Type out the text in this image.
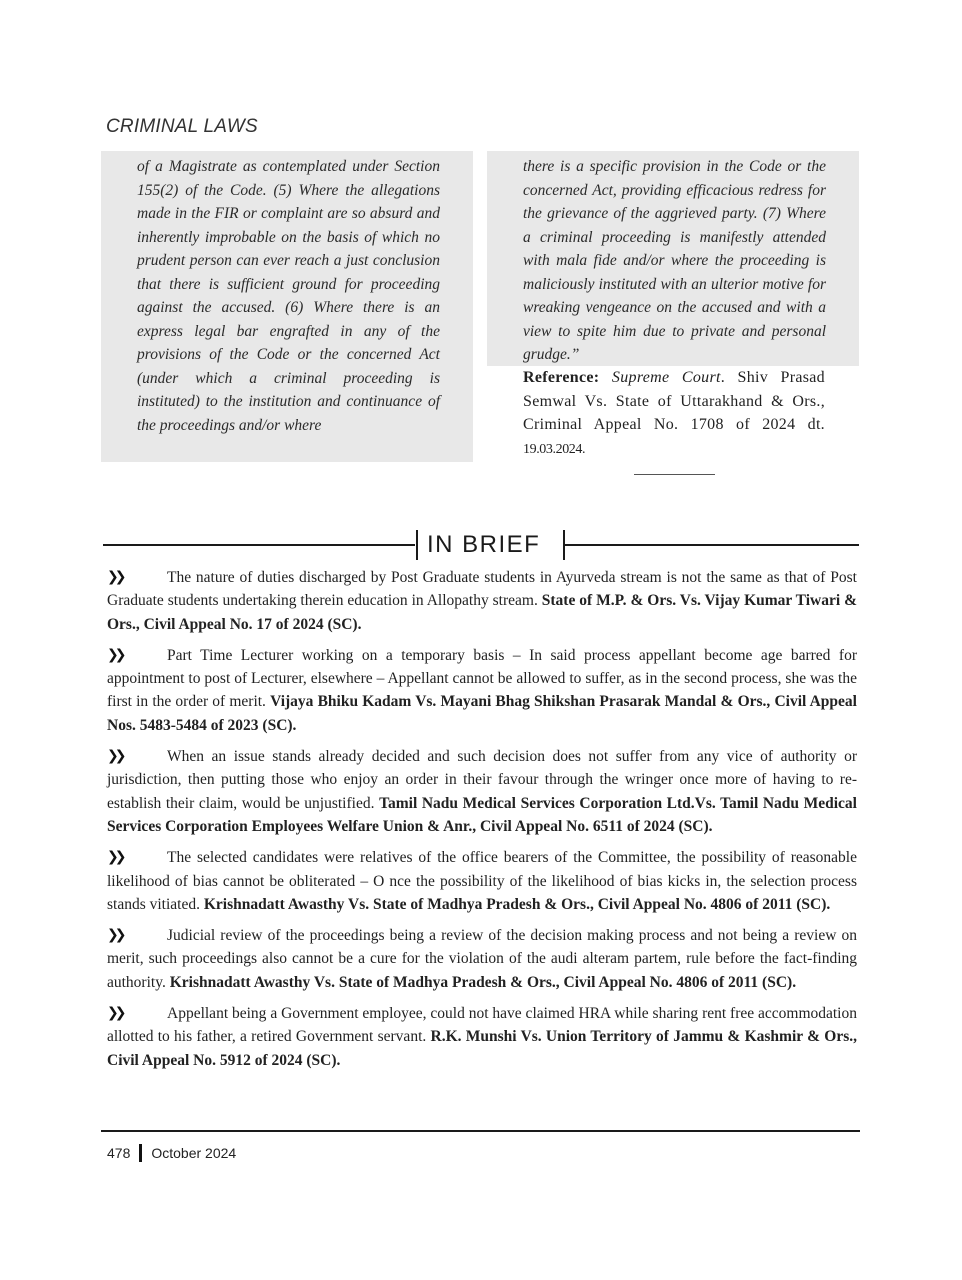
CRIMINAL LAWS

of a Magistrate as contemplated under Section 155(2) of the Code. (5) Where the allegations made in the FIR or complaint are so absurd and inherently improbable on the basis of which no prudent person can ever reach a just conclusion that there is sufficient ground for proceeding against the accused. (6) Where there is an express legal bar engrafted in any of the provisions of the Code or the concerned Act (under which a criminal proceeding is instituted) to the institution and continuance of the proceedings and/or where

there is a specific provision in the Code or the concerned Act, providing efficacious redress for the grievance of the aggrieved party. (7) Where a criminal proceeding is manifestly attended with mala fide and/or where the proceeding is maliciously instituted with an ulterior motive for wreaking vengeance on the accused and with a view to spite him due to private and personal grudge.”

Reference: Supreme Court. Shiv Prasad Semwal Vs. State of Uttarakhand & Ors., Criminal Appeal No. 1708 of 2024 dt. 19.03.2024.
IN BRIEF

❯❯	The nature of duties discharged by Post Graduate students in Ayurveda stream is not the same as that of Post Graduate students undertaking therein education in Allopathy stream. State of M.P. & Ors. Vs. Vijay Kumar Tiwari & Ors., Civil Appeal No. 17 of 2024 (SC).

❯❯	Part Time Lecturer working on a temporary basis – In said process appellant become age barred for appointment to post of Lecturer, elsewhere – Appellant cannot be allowed to suffer, as in the second process, she was the first in the order of merit. Vijaya Bhiku Kadam Vs. Mayani Bhag Shikshan Prasarak Mandal & Ors., Civil Appeal Nos. 5483-5484 of 2023 (SC).

❯❯	When an issue stands already decided and such decision does not suffer from any vice of authority or jurisdiction, then putting those who enjoy an order in their favour through the wringer once more of having to re-establish their claim, would be unjustified. Tamil Nadu Medical Services Corporation Ltd.Vs. Tamil Nadu Medical Services Corporation Employees Welfare Union & Anr., Civil Appeal No. 6511 of 2024 (SC).

❯❯	The selected candidates were relatives of the office bearers of the Committee, the possibility of reasonable likelihood of bias cannot be obliterated – O nce the possibility of the likelihood of bias kicks in, the selection process stands vitiated. Krishnadatt Awasthy Vs. State of Madhya Pradesh & Ors., Civil Appeal No. 4806 of 2011 (SC).

❯❯	Judicial review of the proceedings being a review of the decision making process and not being a review on merit, such proceedings also cannot be a cure for the violation of the audi alteram partem, rule before the fact-finding authority. Krishnadatt Awasthy Vs. State of Madhya Pradesh & Ors., Civil Appeal No. 4806 of 2011 (SC).

❯❯	Appellant being a Government employee, could not have claimed HRA while sharing rent free accommodation allotted to his father, a retired Government servant. R.K. Munshi Vs. Union Territory of Jammu & Kashmir & Ors., Civil Appeal No. 5912 of 2024 (SC).

478 October 2024
